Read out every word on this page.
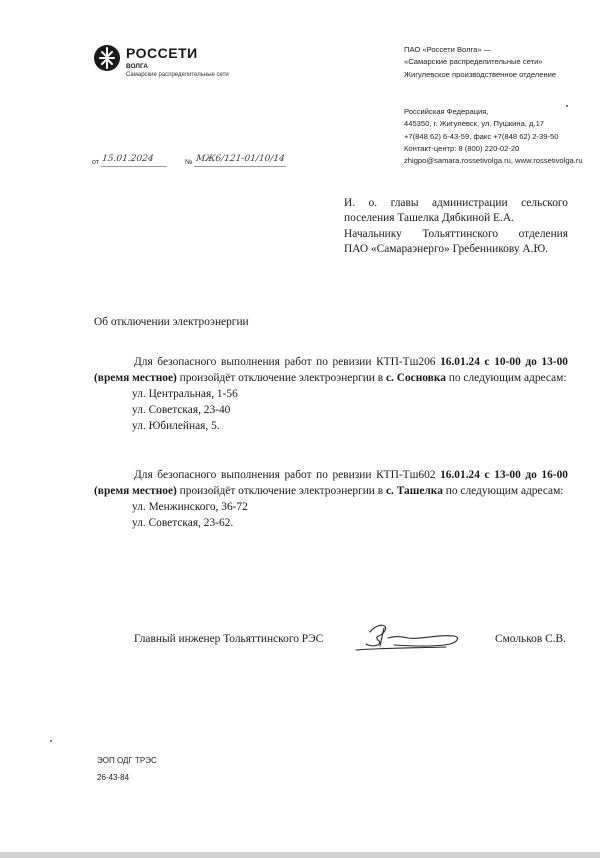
РОССЕТИ
ВОЛГА
Самарские распределительные сети
ПАО «Россети Волга» —
«Самарские распределительные сети»
Жигулевское производственное отделение
Российская Федерация,
445350, г. Жигулевск, ул. Пушкина, д.17
+7(848 62) 6-43-59, факс +7(848 62) 2-39-50
Контакт-центр: 8 (800) 220-02-20
zhigpo@samara.rossetivolga.ru, www.rossetivolga.ru
от 15.01.2024	№ МЖ6/121-01/10/14
И. о. главы администрации сельского
поселения Ташелка Дябкиной Е.А.
Начальнику Тольяттинского отделения
ПАО «Самараэнерго» Гребенникову А.Ю.
Об отключении электроэнергии

Для безопасного выполнения работ по ревизии КТП-Тш206 16.01.24 с 10-00 до 13-00 (время местное) произойдёт отключение электроэнергии в с. Сосновка по следующим адресам:

ул. Центральная, 1-56
ул. Советская, 23-40
ул. Юбилейная, 5.

Для безопасного выполнения работ по ревизии КТП-Тш602 16.01.24 с 13-00 до 16-00 (время местное) произойдёт отключение электроэнергии в с. Ташелка по следующим адресам:

ул. Менжинского, 36-72
ул. Советская, 23-62.
Главный инженер Тольяттинского РЭС	Смольков С.В.
ЭОП ОДГ ТРЭС
26-43-84
